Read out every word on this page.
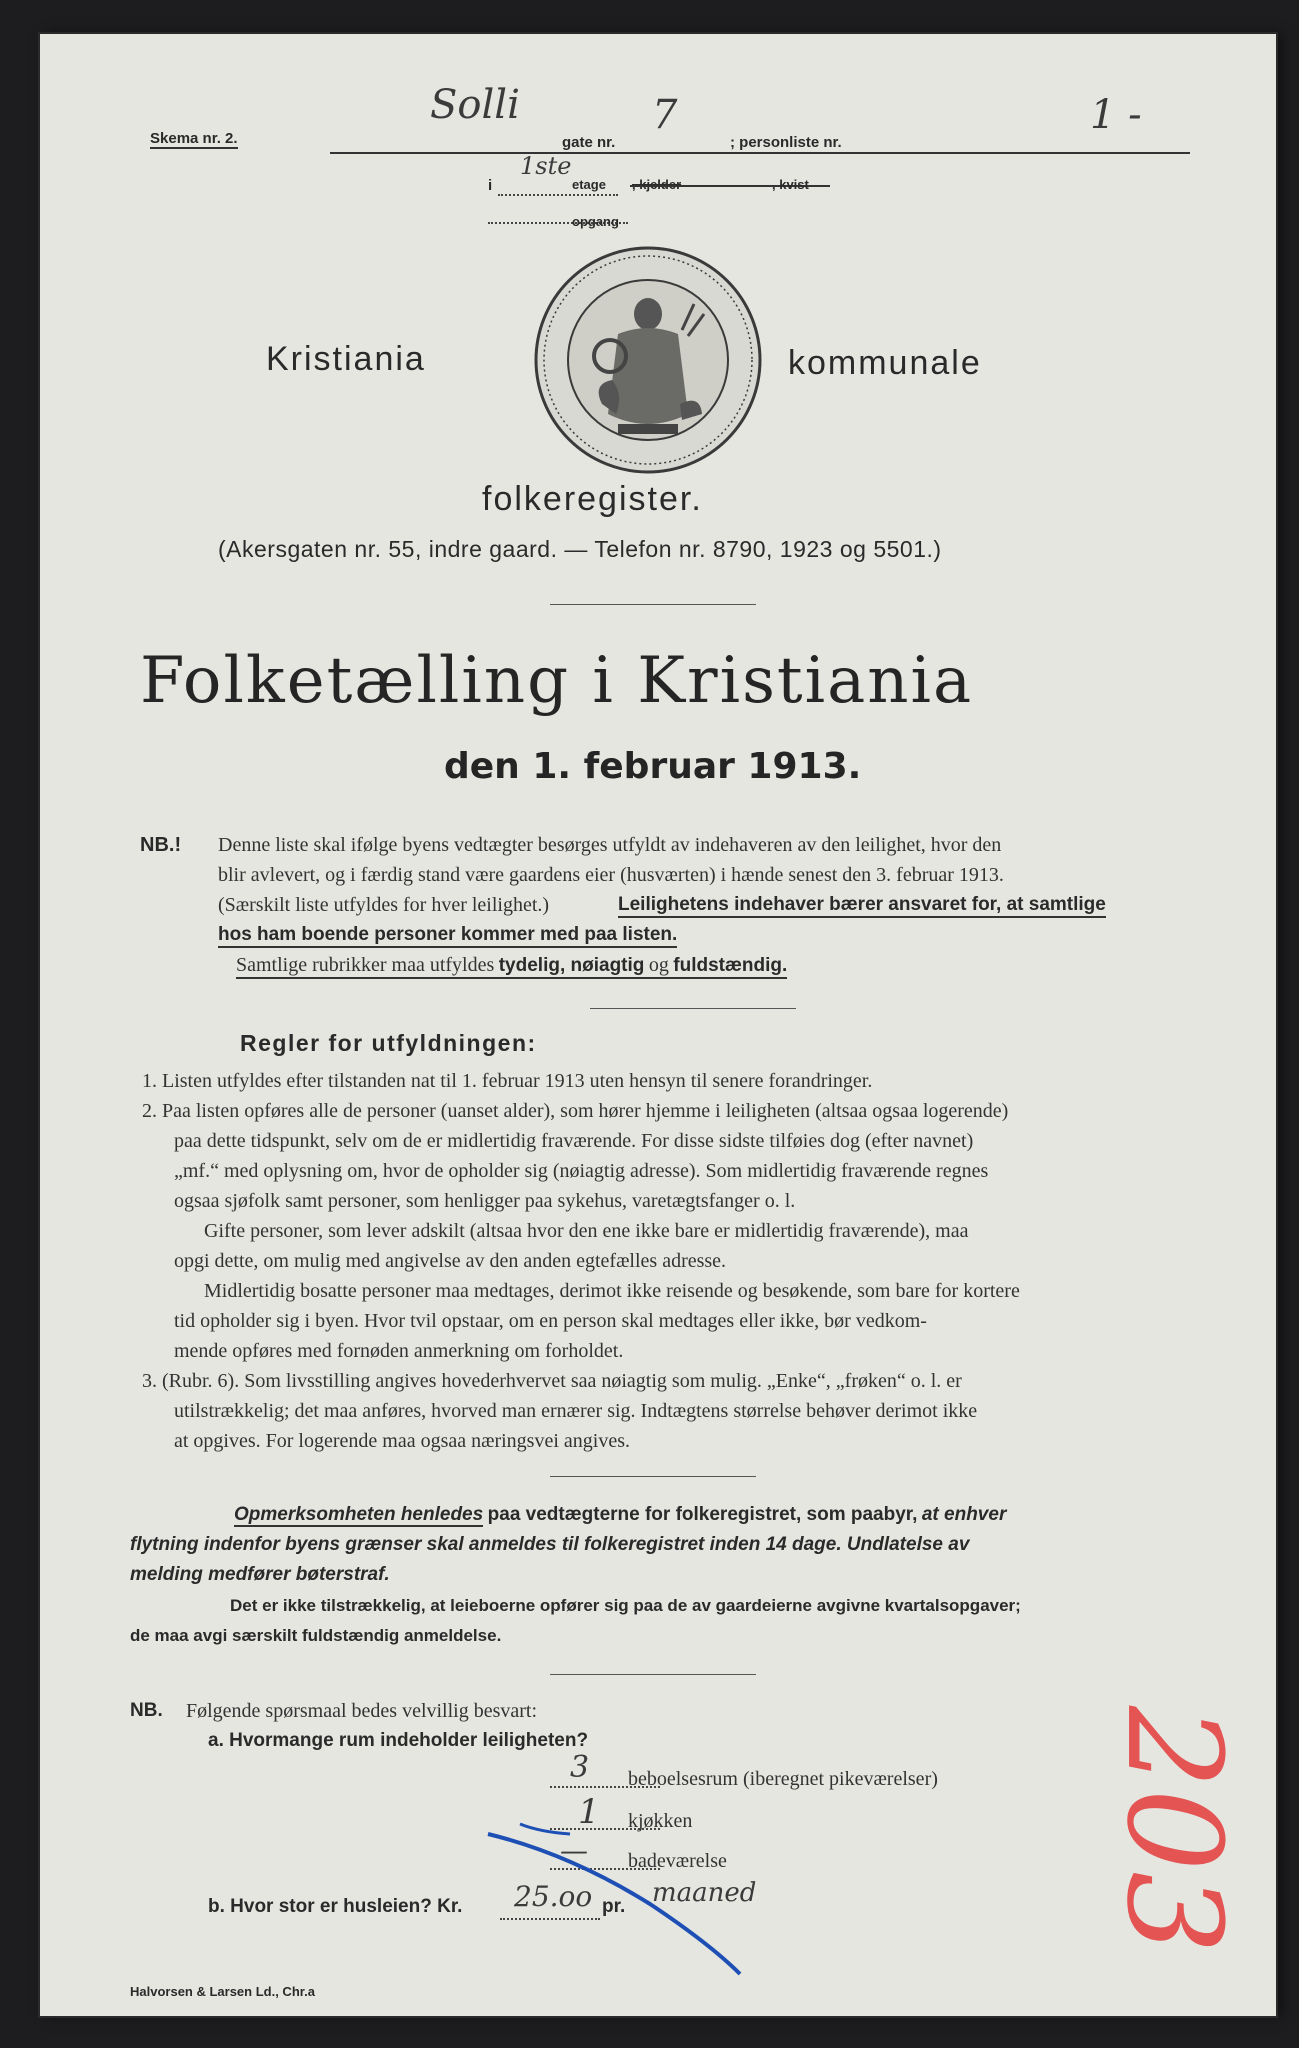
Skema nr. 2.
Solli
gate nr.
7
; personliste nr.
1 -
i
1ste
etage	, kvist
opgang
Kristiania	kommunale
folkeregister.
(Akersgaten nr. 55, indre gaard. — Telefon nr. 8790, 1923 og 5501.)
Folketælling i Kristiania
den 1. februar 1913.
NB.! Denne liste skal ifølge byens vedtægter besørges utfyldt av indehaveren av den leilighet, hvor den
blir avlevert, og i færdig stand være gaardens eier (husværten) i hænde senest den 3. februar 1913.
(Særskilt liste utfyldes for hver leilighet.)	Leilighetens indehaver bærer ansvaret for, at samtlige
hos ham boende personer kommer med paa listen.
Samtlige rubrikker maa utfyldes tydelig, nøiagtig og fuldstændig.
Regler for utfyldningen:
1. Listen utfyldes efter tilstanden nat til 1. februar 1913 uten hensyn til senere forandringer.
2. Paa listen opføres alle de personer (uanset alder), som hører hjemme i leiligheten (altsaa ogsaa logerende)
paa dette tidspunkt, selv om de er midlertidig fraværende. For disse sidste tilføies dog (efter navnet)
„mf.“ med oplysning om, hvor de opholder sig (nøiagtig adresse). Som midlertidig fraværende regnes
ogsaa sjøfolk samt personer, som henligger paa sykehus, varetægtsfanger o. l.
Gifte personer, som lever adskilt (altsaa hvor den ene ikke bare er midlertidig fraværende), maa
opgi dette, om mulig med angivelse av den anden egtefælles adresse.
Midlertidig bosatte personer maa medtages, derimot ikke reisende og besøkende, som bare for kortere
tid opholder sig i byen. Hvor tvil opstaar, om en person skal medtages eller ikke, bør vedkom-
mende opføres med fornøden anmerkning om forholdet.
3. (Rubr. 6). Som livsstilling angives hovederhvervet saa nøiagtig som mulig. „Enke“, „frøken“ o. l. er
utilstrækkelig; det maa anføres, hvorved man ernærer sig. Indtægtens størrelse behøver derimot ikke
at opgives. For logerende maa ogsaa næringsvei angives.
Opmerksomheten henledes paa vedtægterne for folkeregistret, som paabyr, at enhver
flytning indenfor byens grænser skal anmeldes til folkeregistret inden 14 dage. Undlatelse av
melding medfører bøterstraf.
Det er ikke tilstrækkelig, at leieboerne opfører sig paa de av gaardeierne avgivne kvartalsopgaver;
de maa avgi særskilt fuldstændig anmeldelse.
NB. Følgende spørsmaal bedes velvillig besvart:
a. Hvormange rum indeholder leiligheten?
3 beboelsesrum (iberegnet pikeværelser)
1 kjøkken
— badeværelse
b. Hvor stor er husleien? Kr. 25.oo pr. maaned	203
Halvorsen & Larsen Ld., Chr.a
